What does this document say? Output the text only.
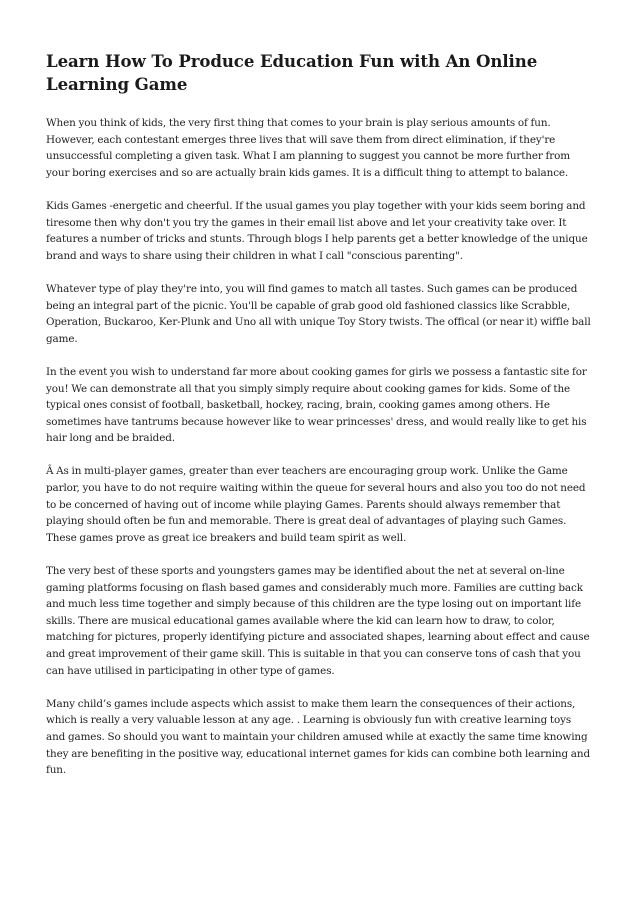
Learn How To Produce Education Fun with An Online Learning Game

When you think of kids, the very first thing that comes to your brain is play serious amounts of fun. However, each contestant emerges three lives that will save them from direct elimination, if they're unsuccessful completing a given task. What I am planning to suggest you cannot be more further from your boring exercises and so are actually brain kids games. It is a difficult thing to attempt to balance.

Kids Games -energetic and cheerful. If the usual games you play together with your kids seem boring and tiresome then why don't you try the games in their email list above and let your creativity take over. It features a number of tricks and stunts. Through blogs I help parents get a better knowledge of the unique brand and ways to share using their children in what I call "conscious parenting".

Whatever type of play they're into, you will find games to match all tastes. Such games can be produced being an integral part of the picnic. You'll be capable of grab good old fashioned classics like Scrabble, Operation, Buckaroo, Ker-Plunk and Uno all with unique Toy Story twists. The offical (or near it) wiffle ball game.

In the event you wish to understand far more about cooking games for girls we possess a fantastic site for you! We can demonstrate all that you simply simply require about cooking games for kids. Some of the typical ones consist of football, basketball, hockey, racing, brain, cooking games among others. He sometimes have tantrums because however like to wear princesses' dress, and would really like to get his hair long and be braided.

Â As in multi-player games, greater than ever teachers are encouraging group work. Unlike the Game parlor, you have to do not require waiting within the queue for several hours and also you too do not need to be concerned of having out of income while playing Games. Parents should always remember that playing should often be fun and memorable. There is great deal of advantages of playing such Games. These games prove as great ice breakers and build team spirit as well.

The very best of these sports and youngsters games may be identified about the net at several on-line gaming platforms focusing on flash based games and considerably much more. Families are cutting back and much less time together and simply because of this children are the type losing out on important life skills. There are musical educational games available where the kid can learn how to draw, to color, matching for pictures, properly identifying picture and associated shapes, learning about effect and cause and great improvement of their game skill. This is suitable in that you can conserve tons of cash that you can have utilised in participating in other type of games.

Many child’s games include aspects which assist to make them learn the consequences of their actions, which is really a very valuable lesson at any age. . Learning is obviously fun with creative learning toys and games. So should you want to maintain your children amused while at exactly the same time knowing they are benefiting in the positive way, educational internet games for kids can combine both learning and fun.
